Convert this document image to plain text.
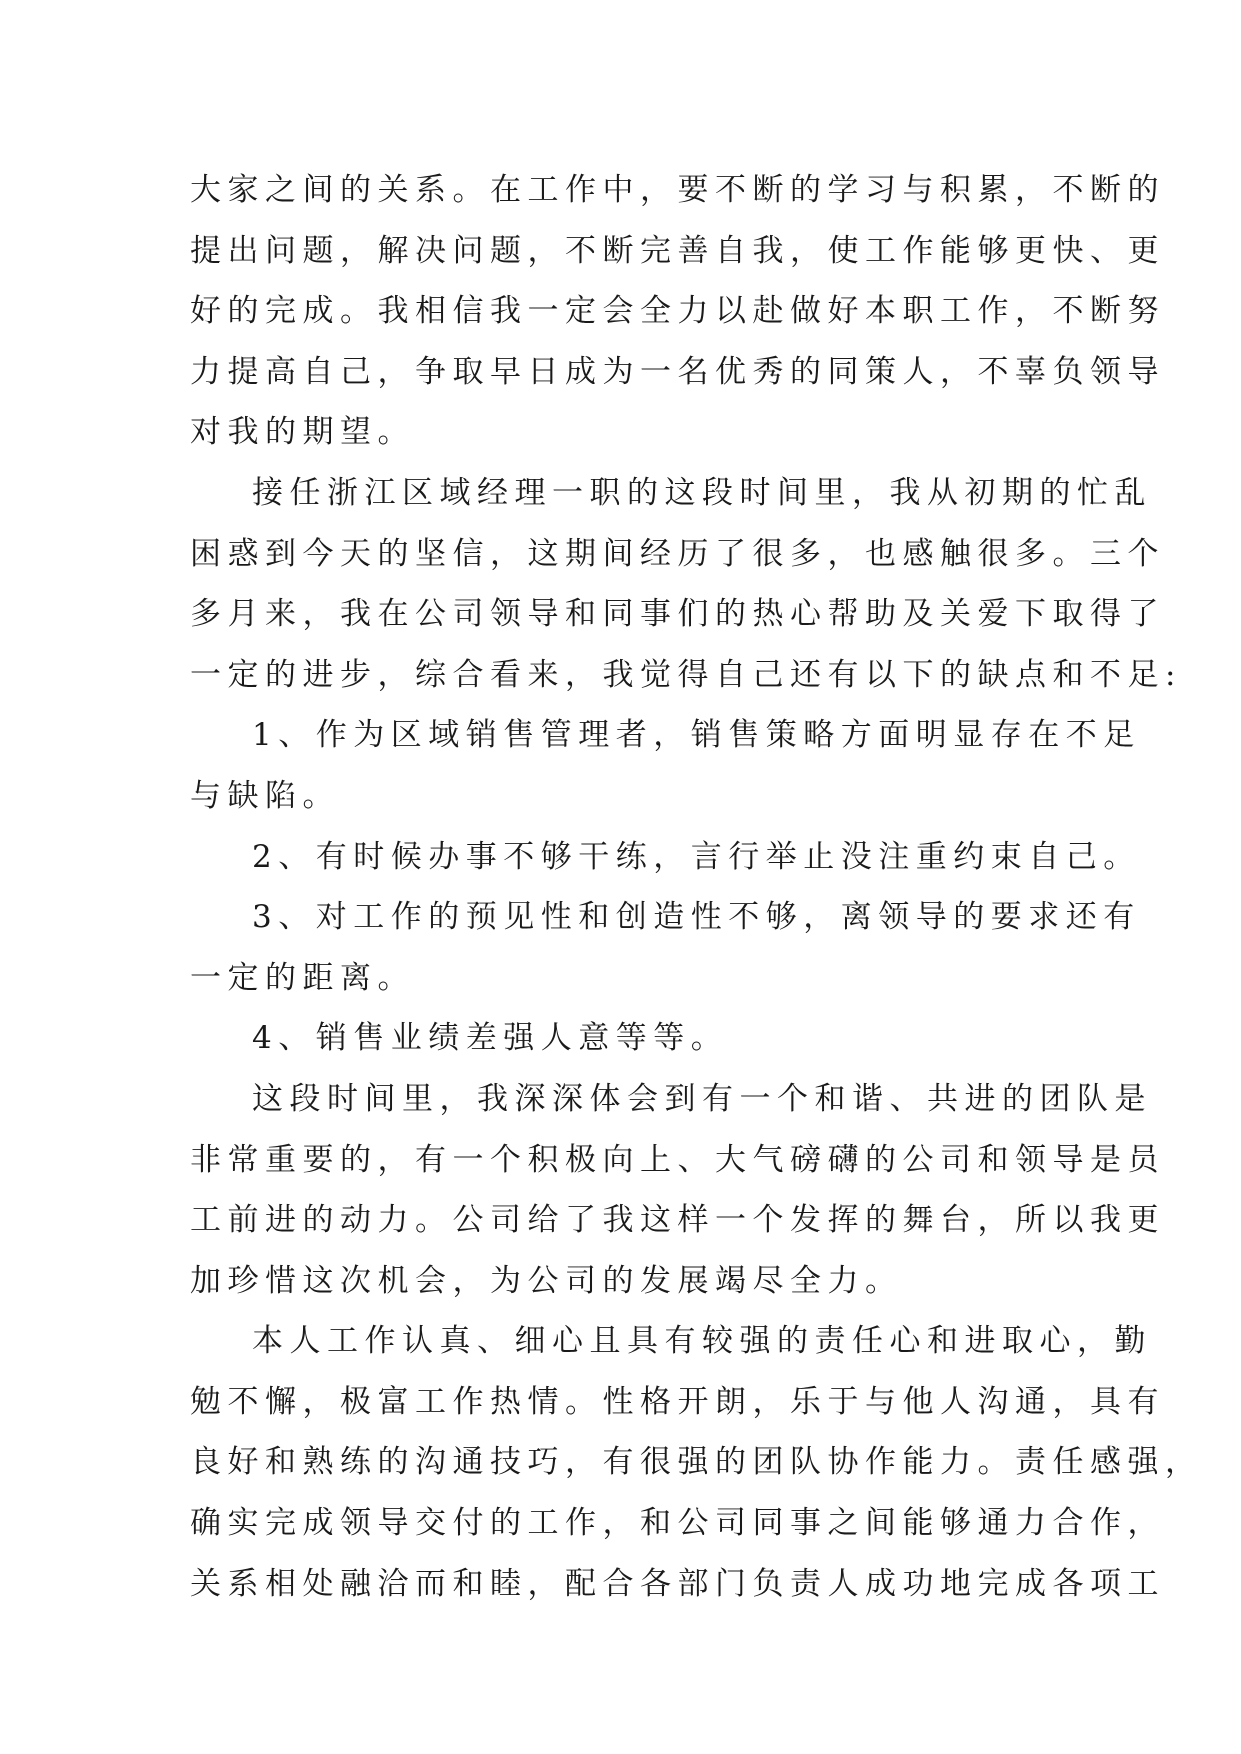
大家之间的关系。在工作中，要不断的学习与积累，不断的
提出问题，解决问题，不断完善自我，使工作能够更快、更
好的完成。我相信我一定会全力以赴做好本职工作，不断努
力提高自己，争取早日成为一名优秀的同策人，不辜负领导
对我的期望。
接任浙江区域经理一职的这段时间里，我从初期的忙乱
困惑到今天的坚信，这期间经历了很多，也感触很多。三个
多月来，我在公司领导和同事们的热心帮助及关爱下取得了
一定的进步，综合看来，我觉得自己还有以下的缺点和不足:
1、作为区域销售管理者，销售策略方面明显存在不足
与缺陷。
2、有时候办事不够干练，言行举止没注重约束自己。
3、对工作的预见性和创造性不够，离领导的要求还有
一定的距离。
4、销售业绩差强人意等等。
这段时间里，我深深体会到有一个和谐、共进的团队是
非常重要的，有一个积极向上、大气磅礴的公司和领导是员
工前进的动力。公司给了我这样一个发挥的舞台，所以我更
加珍惜这次机会，为公司的发展竭尽全力。
本人工作认真、细心且具有较强的责任心和进取心，勤
勉不懈，极富工作热情。性格开朗，乐于与他人沟通，具有
良好和熟练的沟通技巧，有很强的团队协作能力。责任感强，
确实完成领导交付的工作，和公司同事之间能够通力合作，
关系相处融洽而和睦，配合各部门负责人成功地完成各项工
